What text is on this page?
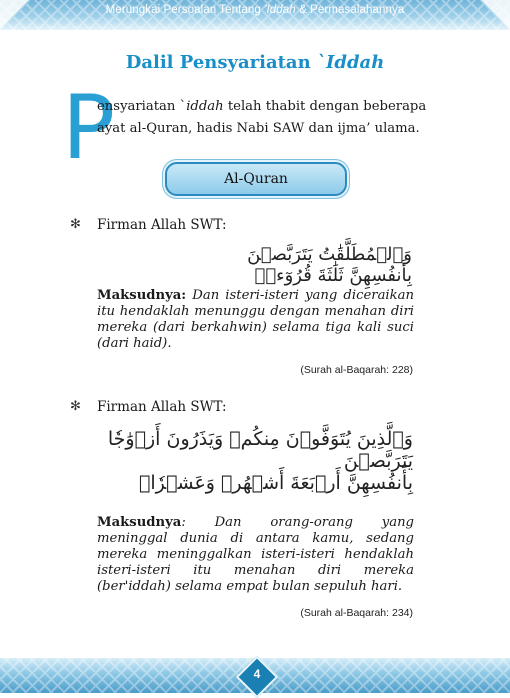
Merungkai Persoalan Tentang 'Iddah & Permasalahannya
Dalil Pensyariatan `Iddah
P
ensyariatan `iddah telah thabit dengan beberapa ayat al-Quran, hadis Nabi SAW dan ijma’ ulama.
Al-Quran
✻ Firman Allah SWT:
وَٱلۡمُطَلَّقَٰتُ يَتَرَبَّصۡنَ بِأَنفُسِهِنَّ ثَلَٰثَةَ قُرُوٓءٖۚ
Maksudnya: Dan isteri-isteri yang diceraikan itu hendaklah menunggu dengan menahan diri mereka (dari berkahwin) selama tiga kali suci (dari haid).
(Surah al-Baqarah: 228)
✻ Firman Allah SWT:
وَٱلَّذِينَ يُتَوَفَّوۡنَ مِنكُمۡ وَيَذَرُونَ أَزۡوَٰجٗا يَتَرَبَّصۡنَ
بِأَنفُسِهِنَّ أَرۡبَعَةَ أَشۡهُرٖ وَعَشۡرٗاۖ
Maksudnya: Dan orang-orang yang meninggal dunia di antara kamu, sedang mereka meninggalkan isteri-isteri hendaklah isteri-isteri itu menahan diri mereka (ber'iddah) selama empat bulan sepuluh hari.
(Surah al-Baqarah: 234)
4
